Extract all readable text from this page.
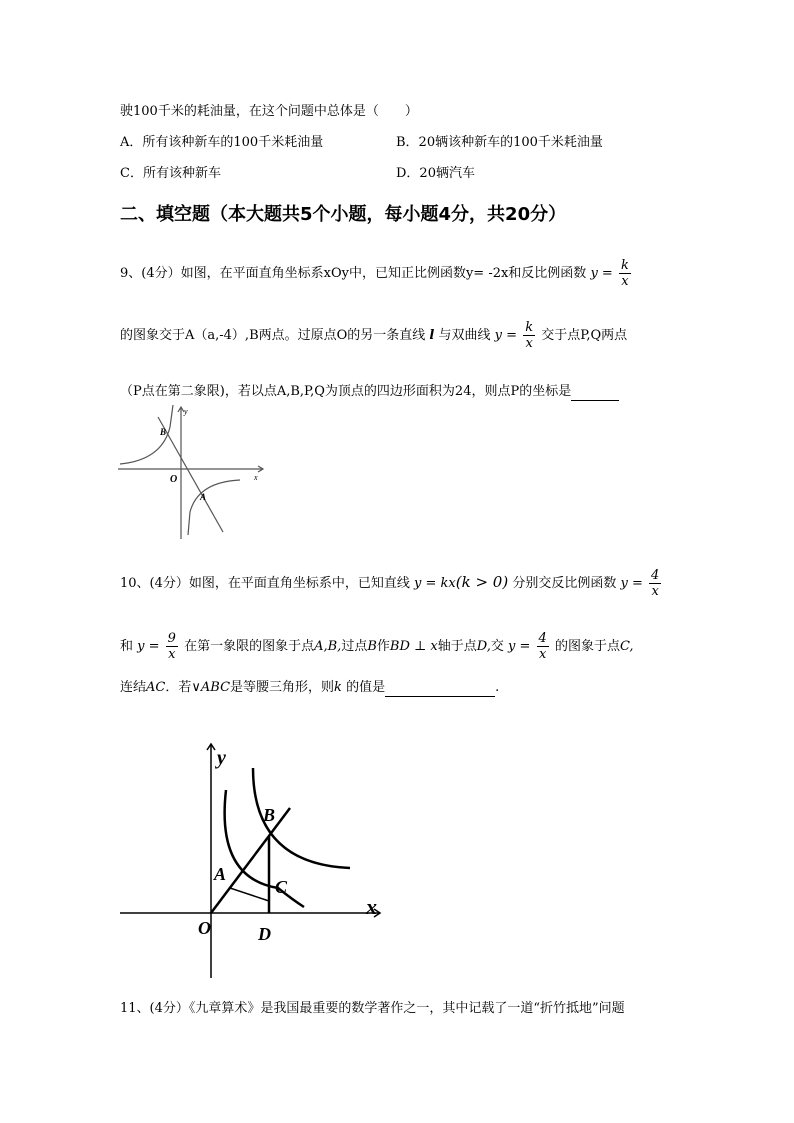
驶100千米的耗油量，在这个问题中总体是（　　）
A．所有该种新车的100千米耗油量	B．20辆该种新车的100千米耗油量
C．所有该种新车	D．20辆汽车
二、填空题（本大题共5个小题，每小题4分，共20分）
9、(4分）如图，在平面直角坐标系xOy中，已知正比例函数y= -2x和反比例函数 $y = \frac{k}{x}$
的图象交于A（a,-4）,B两点。过原点O的另一条直线 l 与双曲线 $y = \frac{k}{x}$ 交于点P,Q两点
（P点在第二象限)，若以点A,B,P,Q为顶点的四边形面积为24，则点P的坐标是
y
x
O
B
A
10、(4分）如图，在平面直角坐标系中，已知直线 y = kx(k > 0) 分别交反比例函数 $y = \frac{4}{x}$
和 $y = \frac{9}{x}$ 在第一象限的图象于点A,B,过点B作BD ⊥ x轴于点D,交 $y = \frac{4}{x}$ 的图象于点C,
连结AC．若∨ABC是等腰三角形，则k 的值是	.
y
x
O	D
B
A
C
11、(4分）《九章算术》是我国最重要的数学著作之一，其中记载了一道“折竹抵地”问题
